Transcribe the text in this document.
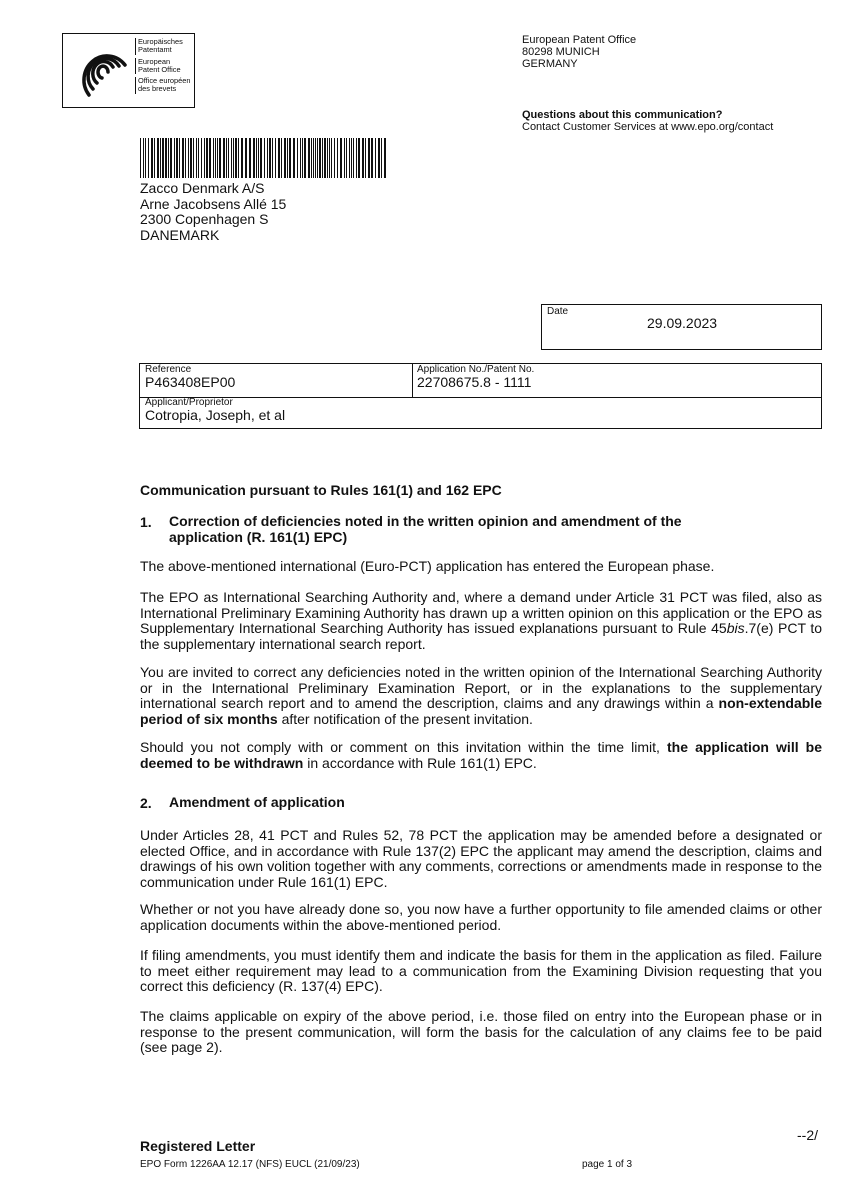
Europäisches
Patentamt
European
Patent Office
Office européen
des brevets
European Patent Office
80298 MUNICH
GERMANY
Questions about this communication?
Contact Customer Services at www.epo.org/contact
Zacco Denmark A/S
Arne Jacobsens Allé 15
2300 Copenhagen S
DANEMARK
Date
29.09.2023
Reference
P463408EP00
Application No./Patent No.
22708675.8 - 1111
Applicant/Proprietor
Cotropia, Joseph, et al
Communication pursuant to Rules 161(1) and 162 EPC
1. Correction of deficiencies noted in the written opinion and amendment of the
application (R. 161(1) EPC)
The above-mentioned international (Euro-PCT) application has entered the European phase.
The EPO as International Searching Authority and, where a demand under Article 31 PCT was filed, also as International Preliminary Examining Authority has drawn up a written opinion on this application or the EPO as Supplementary International Searching Authority has issued explanations pursuant to Rule 45bis.7(e) PCT to the supplementary international search report.
You are invited to correct any deficiencies noted in the written opinion of the International Searching Authority or in the International Preliminary Examination Report, or in the explanations to the supplementary international search report and to amend the description, claims and any drawings within a non-extendable period of six months after notification of the present invitation.
Should you not comply with or comment on this invitation within the time limit, the application will be deemed to be withdrawn in accordance with Rule 161(1) EPC.
2. Amendment of application
Under Articles 28, 41 PCT and Rules 52, 78 PCT the application may be amended before a designated or elected Office, and in accordance with Rule 137(2) EPC the applicant may amend the description, claims and drawings of his own volition together with any comments, corrections or amendments made in response to the communication under Rule 161(1) EPC.
Whether or not you have already done so, you now have a further opportunity to file amended claims or other application documents within the above-mentioned period.
If filing amendments, you must identify them and indicate the basis for them in the application as filed. Failure to meet either requirement may lead to a communication from the Examining Division requesting that you correct this deficiency (R. 137(4) EPC).
The claims applicable on expiry of the above period, i.e. those filed on entry into the European phase or in response to the present communication, will form the basis for the calculation of any claims fee to be paid (see page 2).
--2/
Registered Letter
EPO Form 1226AA 12.17 (NFS) EUCL (21/09/23)	page 1 of 3
